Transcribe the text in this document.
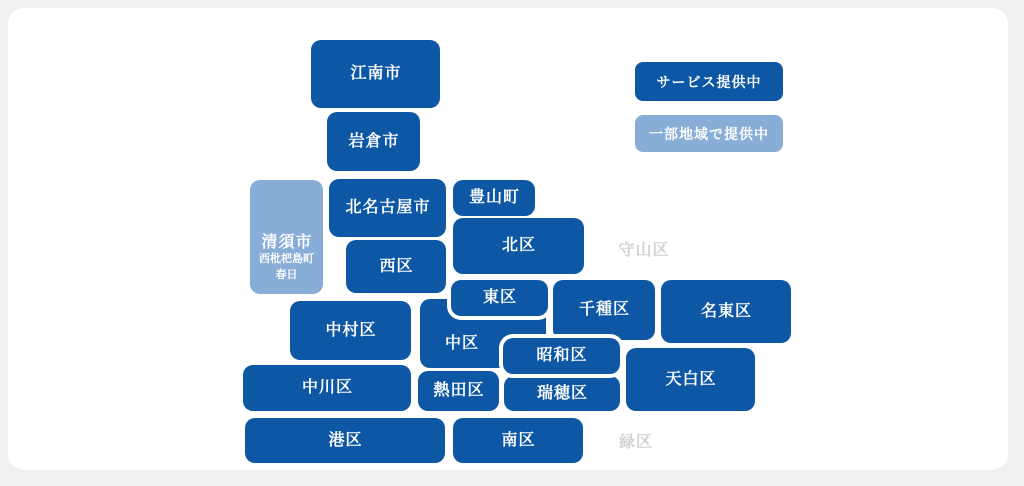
江南市
岩倉市
清須市
西枇杷島町
春日
北名古屋市
豊山町
北区
西区
中区
千種区	名東区
中村区
東区
昭和区
中川区	熱田区	瑞穂区
天白区
港区	南区
守山区
緑区
サービス提供中
一部地域で提供中
